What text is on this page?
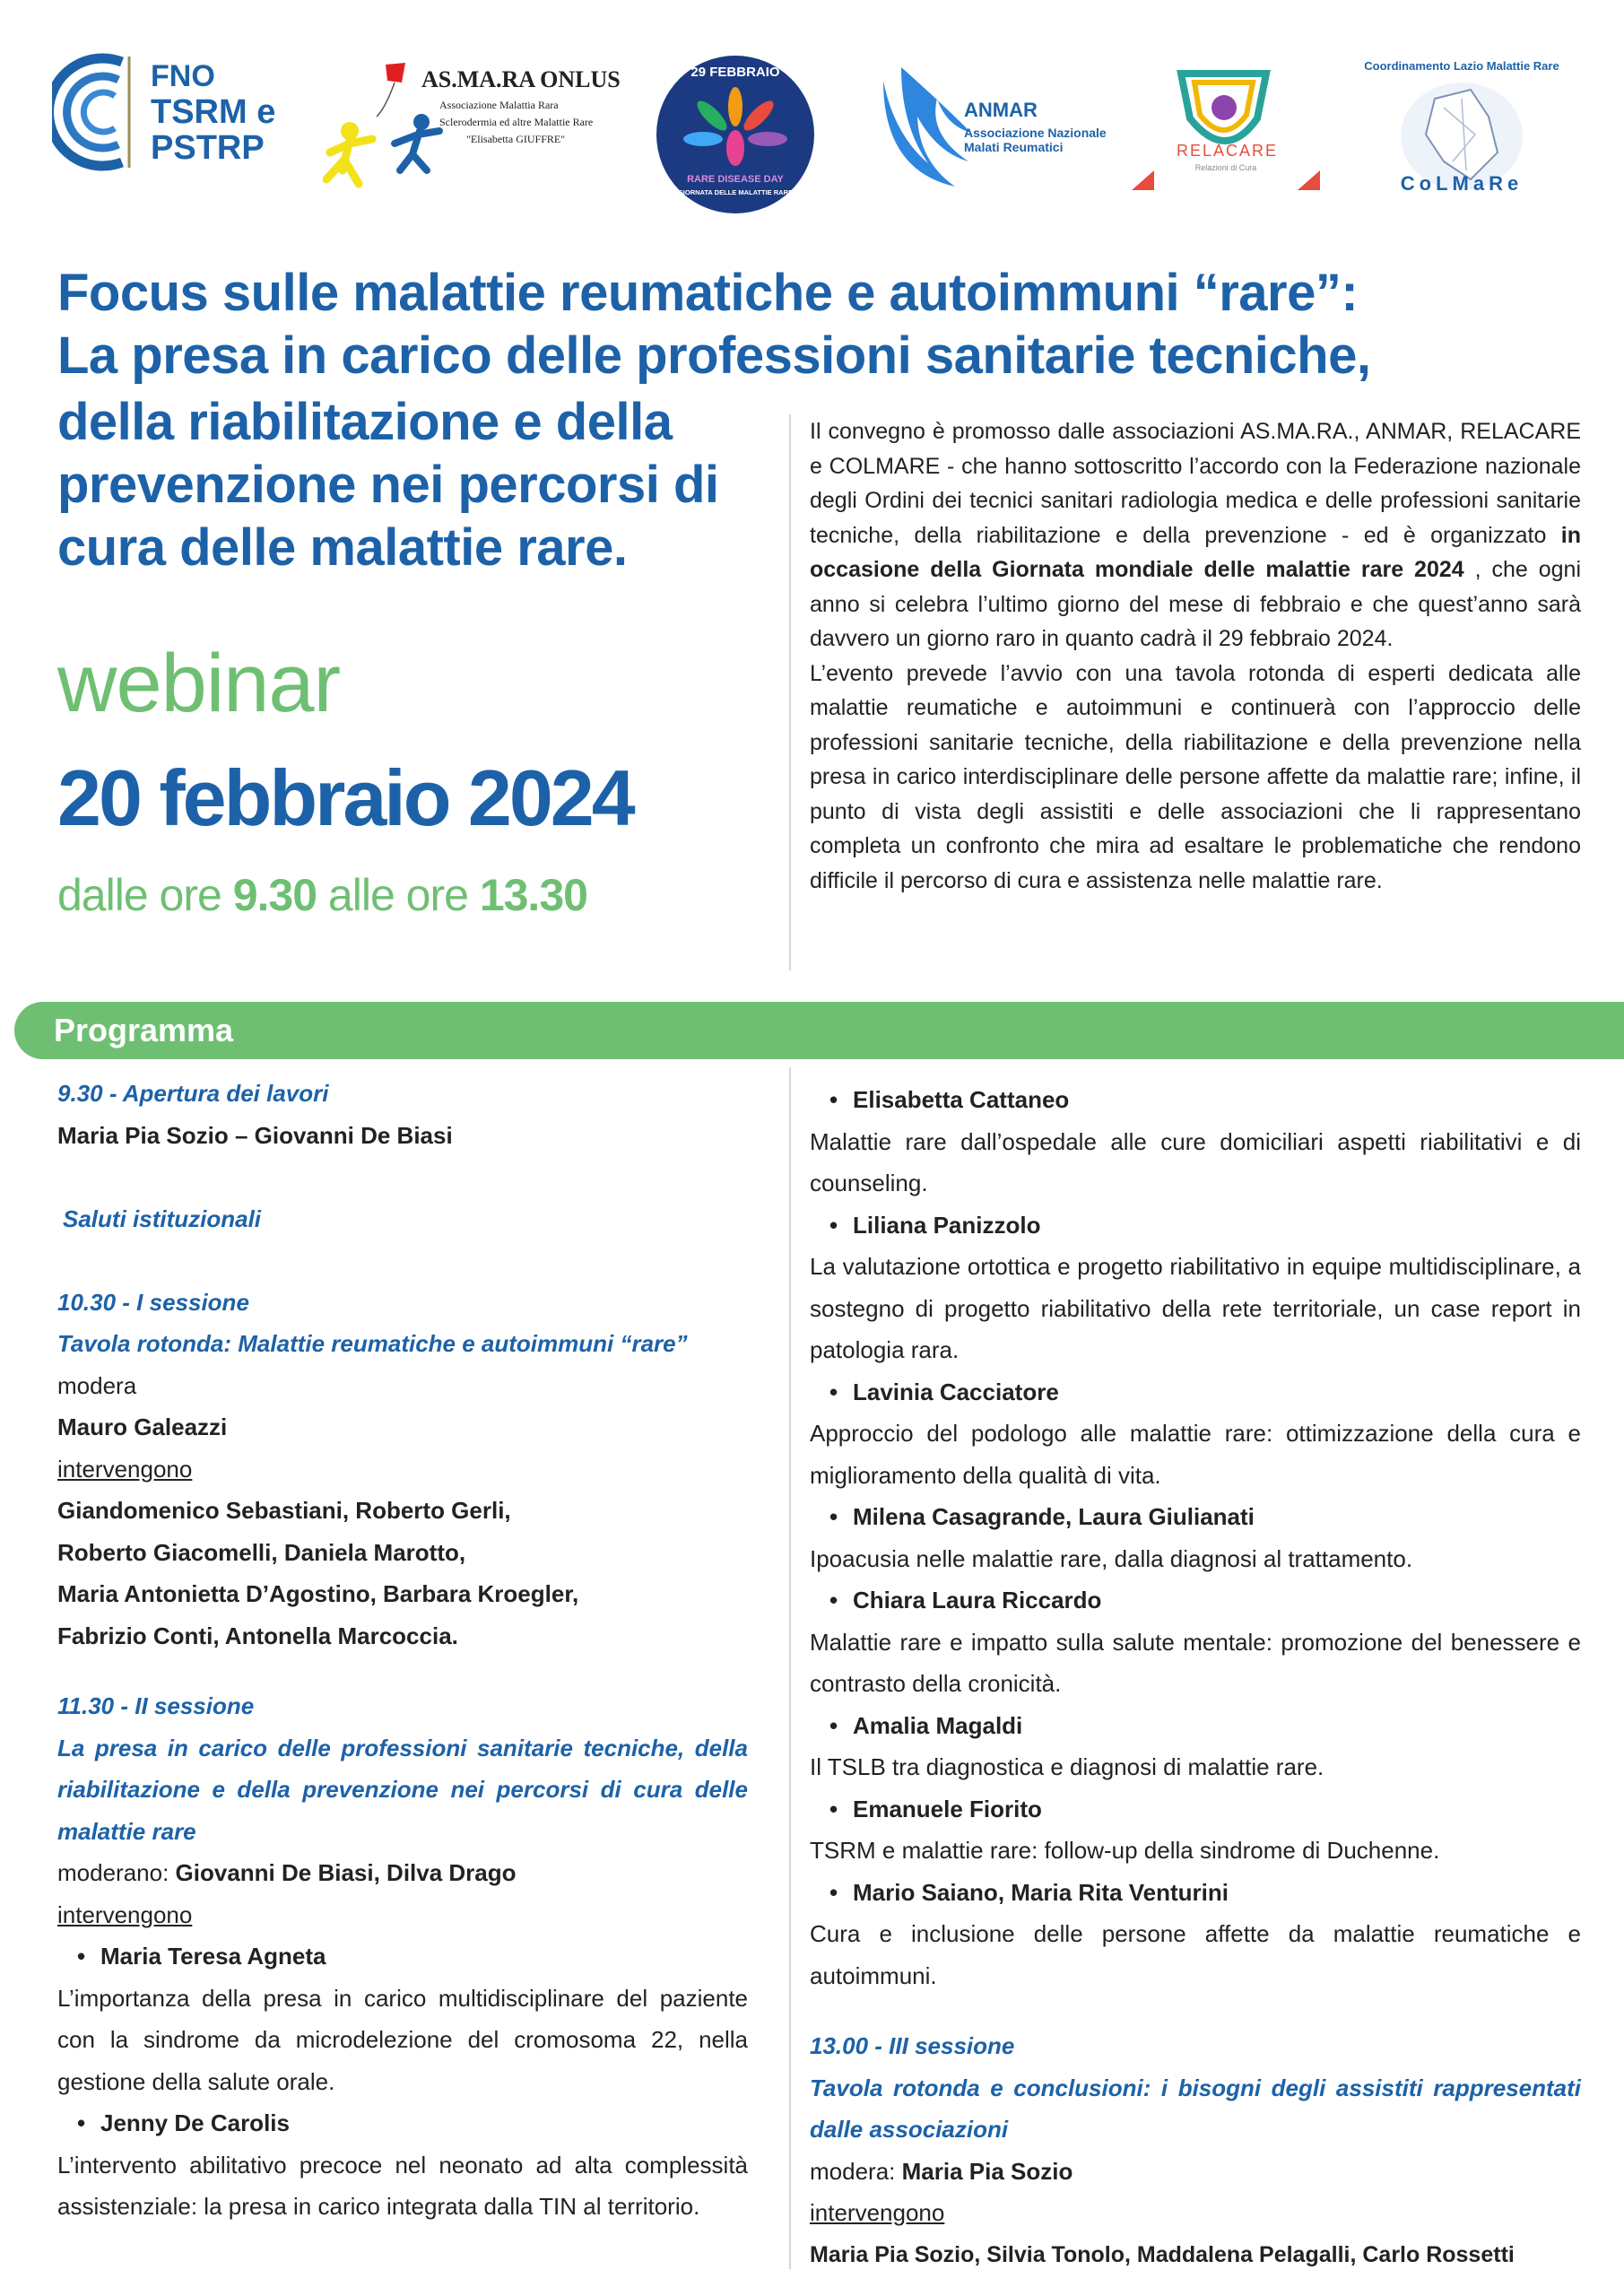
FNO
TSRM e
PSTRP
AS.MA.RA ONLUS
Associazione Malattia Rara
Sclerodermia ed altre Malattie Rare
"Elisabetta GIUFFRE"
29 FEBBRAIO
RARE DISEASE DAY
GIORNATA DELLE MALATTIE RARE
ANMAR
Associazione Nazionale
Malati Reumatici	RELACARE
Relazioni di Cura
Coordinamento Lazio Malattie Rare
CoLMaRe
Focus sulle malattie reumatiche e autoimmuni “rare”:
La presa in carico delle professioni sanitarie tecniche,
della riabilitazione e della prevenzione nei percorsi di cura delle malattie rare.
webinar
20 febbraio 2024
dalle ore 9.30 alle ore 13.30

Il convegno è promosso dalle associazioni AS.MA.RA., ANMAR, RELACARE e COLMARE - che hanno sottoscritto l’accordo con la Federazione nazionale degli Ordini dei tecnici sanitari radiologia medica e delle professioni sanitarie tecniche, della riabilitazione e della prevenzione - ed è organizzato in occasione della Giornata mondiale delle malattie rare 2024 , che ogni anno si celebra l’ultimo giorno del mese di febbraio e che quest’anno sarà davvero un giorno raro in quanto cadrà il 29 febbraio 2024.

L’evento prevede l’avvio con una tavola rotonda di esperti dedicata alle malattie reumatiche e autoimmuni e continuerà con l’approccio delle professioni sanitarie tecniche, della riabilitazione e della prevenzione nella presa in carico interdisciplinare delle persone affette da malattie rare; infine, il punto di vista degli assistiti e delle associazioni che li rappresentano completa un confronto che mira ad esaltare le problematiche che rendono difficile il percorso di cura e assistenza nelle malattie rare.

Programma
9.30 - Apertura dei lavori
Maria Pia Sozio – Giovanni De Biasi
Saluti istituzionali
10.30 - I sessione
Tavola rotonda: Malattie reumatiche e autoimmuni “rare”
modera
Mauro Galeazzi
intervengono
Giandomenico Sebastiani, Roberto Gerli,
Roberto Giacomelli, Daniela Marotto,
Maria Antonietta D’Agostino, Barbara Kroegler,
Fabrizio Conti, Antonella Marcoccia.
11.30 - II sessione
La presa in carico delle professioni sanitarie tecniche, della riabilitazione e della prevenzione nei percorsi di cura delle malattie rare
moderano: Giovanni De Biasi, Dilva Drago
intervengono
• Maria Teresa Agneta
L’importanza della presa in carico multidisciplinare del paziente con la sindrome da microdelezione del cromosoma 22, nella gestione della salute orale.
• Jenny De Carolis
L’intervento abilitativo precoce nel neonato ad alta complessità assistenziale: la presa in carico integrata dalla TIN al territorio.
• Elisabetta Cattaneo
Malattie rare dall’ospedale alle cure domiciliari aspetti riabilitativi e di counseling.
• Liliana Panizzolo
La valutazione ortottica e progetto riabilitativo in equipe multidisciplinare, a sostegno di progetto riabilitativo della rete territoriale, un case report in patologia rara.
• Lavinia Cacciatore
Approccio del podologo alle malattie rare: ottimizzazione della cura e miglioramento della qualità di vita.
• Milena Casagrande, Laura Giulianati
Ipoacusia nelle malattie rare, dalla diagnosi al trattamento.
• Chiara Laura Riccardo
Malattie rare e impatto sulla salute mentale: promozione del benessere e contrasto della cronicità.
• Amalia Magaldi
Il TSLB tra diagnostica e diagnosi di malattie rare.
• Emanuele Fiorito
TSRM e malattie rare: follow-up della sindrome di Duchenne.
• Mario Saiano, Maria Rita Venturini
Cura e inclusione delle persone affette da malattie reumatiche e autoimmuni.
13.00 - III sessione
Tavola rotonda e conclusioni: i bisogni degli assistiti rappresentati dalle associazioni
modera: Maria Pia Sozio
intervengono
Maria Pia Sozio, Silvia Tonolo, Maddalena Pelagalli, Carlo Rossetti
